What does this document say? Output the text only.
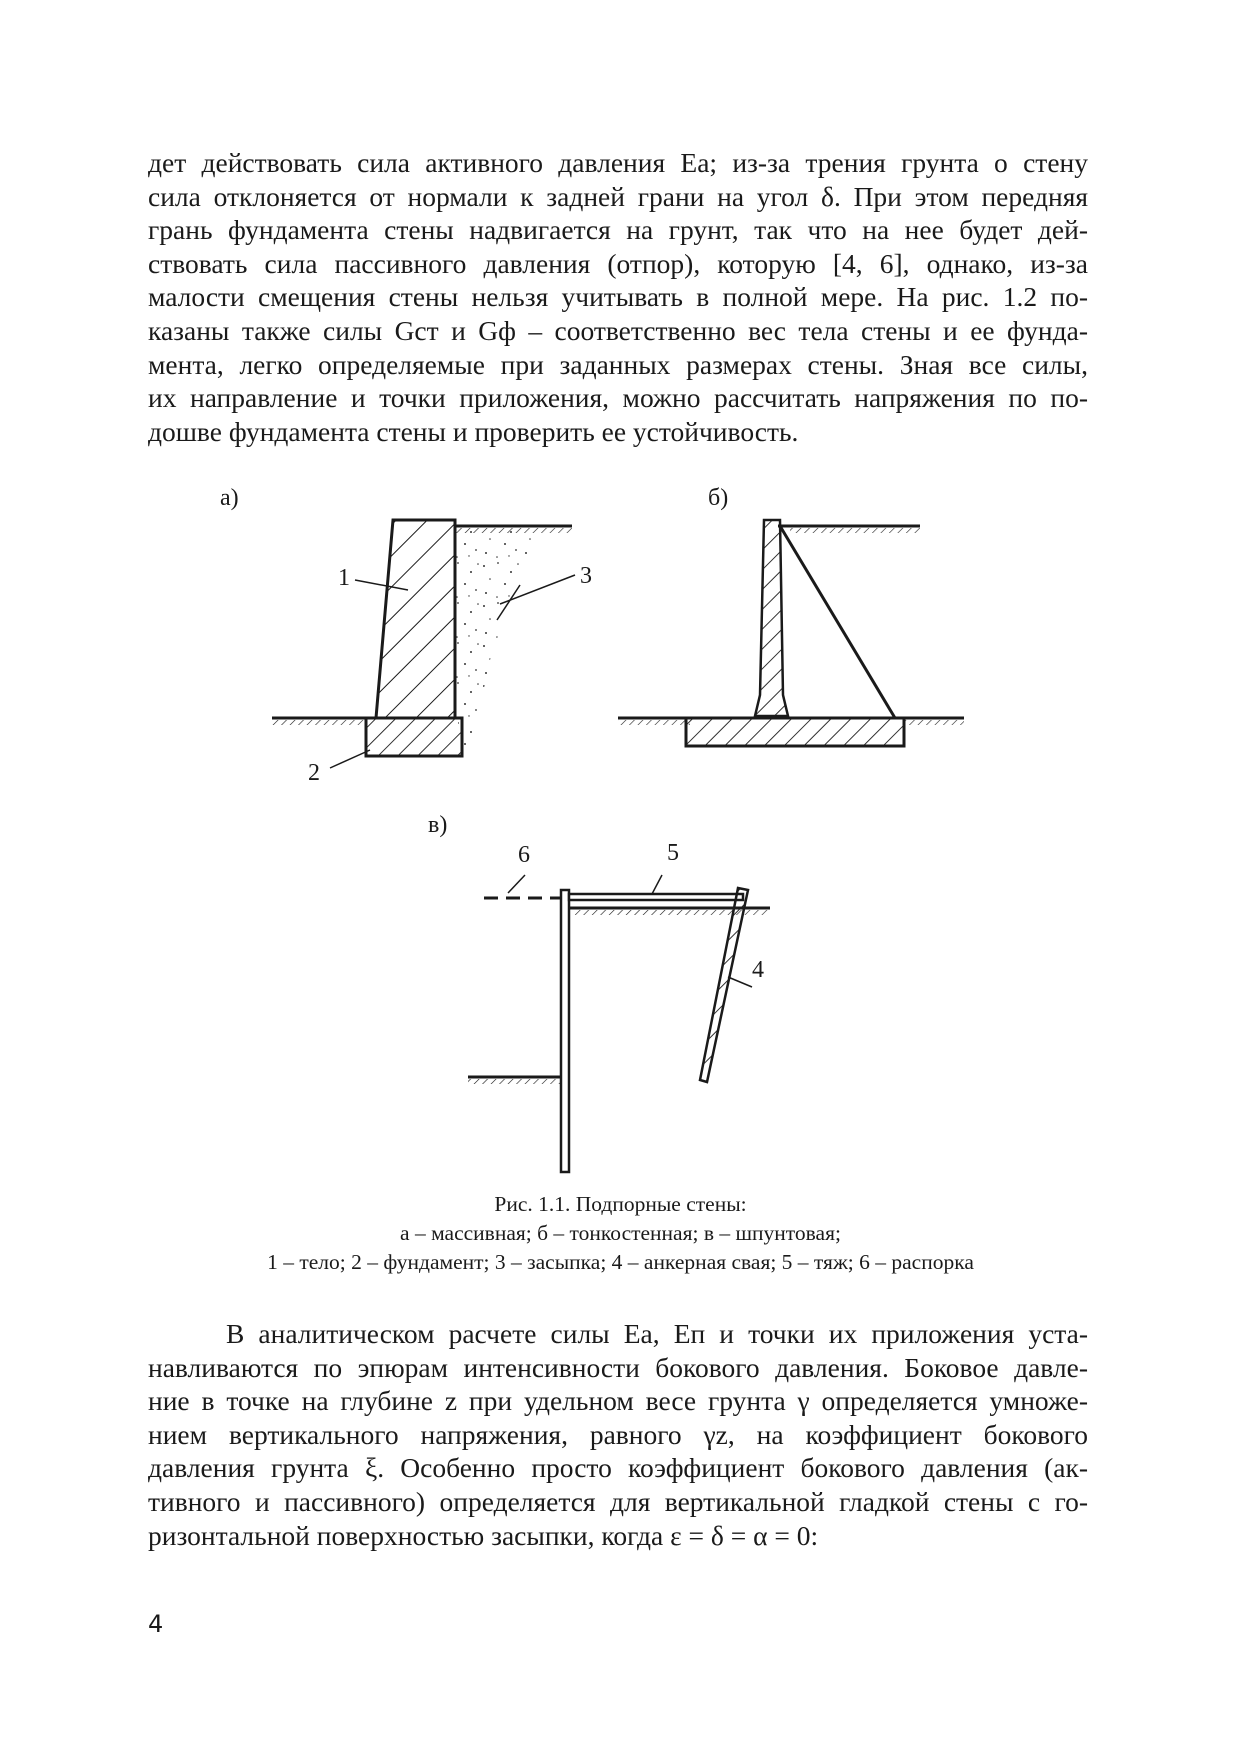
дет действовать сила активного давления Eа; из-за трения грунта о стену
сила отклоняется от нормали к задней грани на угол δ. При этом передняя
грань фундамента стены надвигается на грунт, так что на нее будет дей-
ствовать сила пассивного давления (отпор), которую [4, 6], однако, из-за
малости смещения стены нельзя учитывать в полной мере. На рис. 1.2 по-
казаны также силы Gст и Gф – соответственно вес тела стены и ее фунда-
мента, легко определяемые при заданных размерах стены. Зная все силы,
их направление и точки приложения, можно рассчитать напряжения по по-
дошве фундамента стены и проверить ее устойчивость.
а)
1	3
2
б)
в)
6	5
4
Рис. 1.1. Подпорные стены:
а – массивная; б – тонкостенная; в – шпунтовая;
1 – тело; 2 – фундамент; 3 – засыпка; 4 – анкерная свая; 5 – тяж; 6 – распорка
В аналитическом расчете силы Eа, Eп и точки их приложения уста-
навливаются по эпюрам интенсивности бокового давления. Боковое давле-
ние в точке на глубине z при удельном весе грунта γ определяется умноже-
нием вертикального напряжения, равного γz, на коэффициент бокового
давления грунта ξ. Особенно просто коэффициент бокового давления (ак-
тивного и пассивного) определяется для вертикальной гладкой стены с го-
ризонтальной поверхностью засыпки, когда ε = δ = α = 0:
4
